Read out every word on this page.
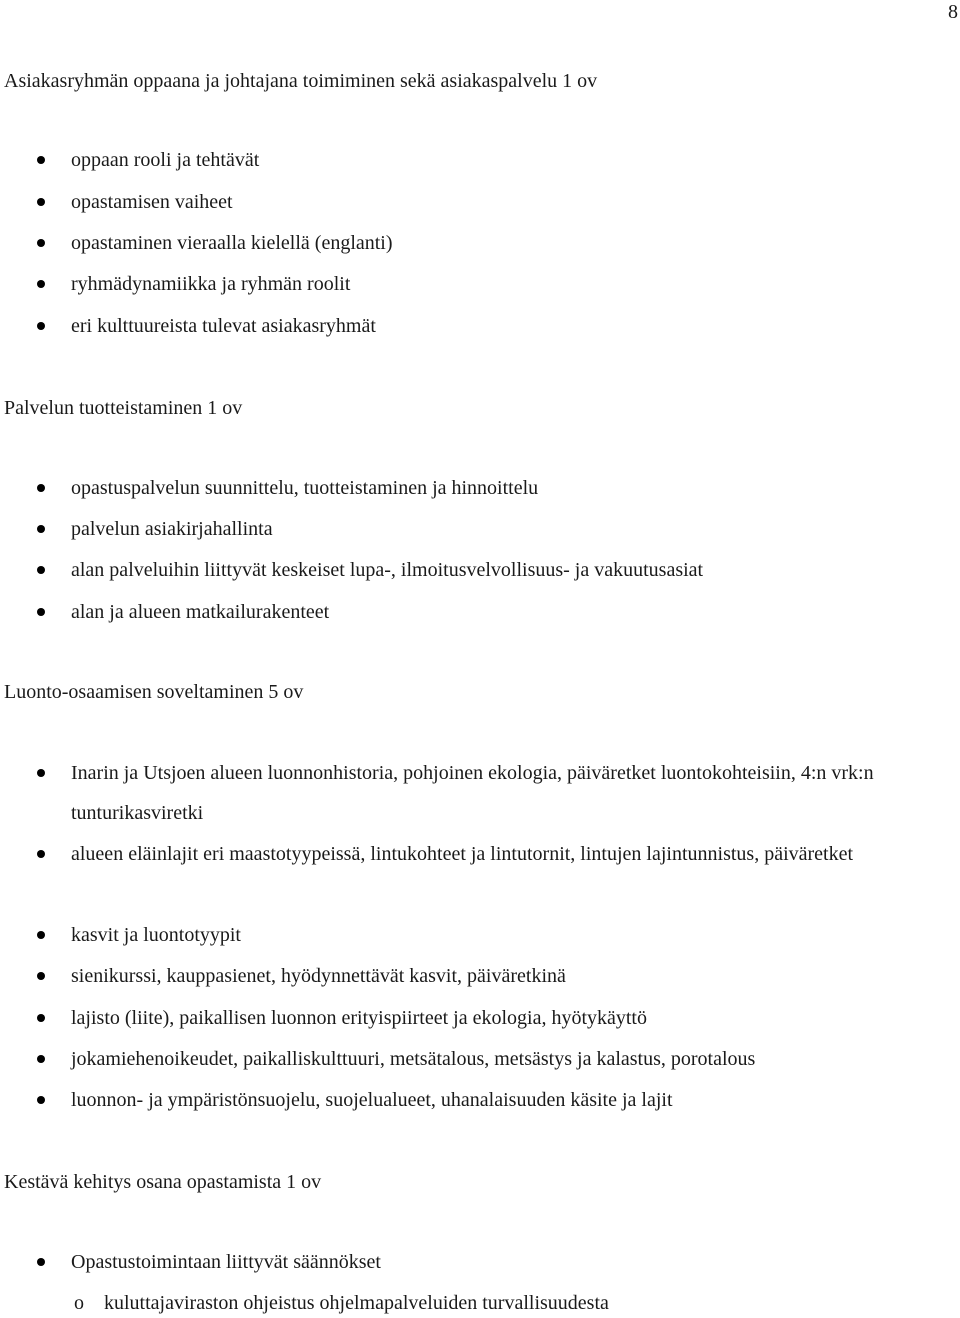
8
Asiakasryhmän oppaana ja johtajana toimiminen sekä asiakaspalvelu 1 ov
oppaan rooli ja tehtävät
opastamisen vaiheet
opastaminen vieraalla kielellä (englanti)
ryhmädynamiikka ja ryhmän roolit
eri kulttuureista tulevat asiakasryhmät
Palvelun tuotteistaminen 1 ov
opastuspalvelun suunnittelu, tuotteistaminen ja hinnoittelu
palvelun asiakirjahallinta
alan palveluihin liittyvät keskeiset lupa-, ilmoitusvelvollisuus- ja vakuutusasiat
alan ja alueen matkailurakenteet
Luonto-osaamisen soveltaminen 5 ov
Inarin ja Utsjoen alueen luonnonhistoria, pohjoinen ekologia, päiväretket luontokohteisiin, 4:n vrk:n tunturikasviretki
alueen eläinlajit eri maastotyypeissä, lintukohteet ja lintutornit, lintujen lajintunnistus, päiväretket
kasvit ja luontotyypit
sienikurssi, kauppasienet, hyödynnettävät kasvit, päiväretkinä
lajisto (liite), paikallisen luonnon erityispiirteet ja ekologia, hyötykäyttö
jokamiehenoikeudet, paikalliskulttuuri, metsätalous, metsästys ja kalastus, porotalous
luonnon- ja ympäristönsuojelu, suojelualueet, uhanalaisuuden käsite ja lajit
Kestävä kehitys osana opastamista 1 ov
Opastustoimintaan liittyvät säännökset
o kuluttajaviraston ohjeistus ohjelmapalveluiden turvallisuudesta
